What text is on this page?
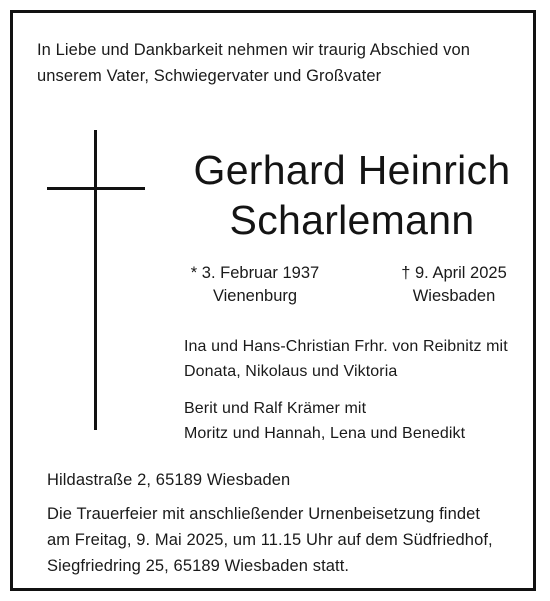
In Liebe und Dankbarkeit nehmen wir traurig Abschied von
unserem Vater, Schwiegervater und Großvater
Gerhard Heinrich
Scharlemann
* 3. Februar 1937
Vienenburg
† 9. April 2025
Wiesbaden
Ina und Hans-Christian Frhr. von Reibnitz mit
Donata, Nikolaus und Viktoria
Berit und Ralf Krämer mit
Moritz und Hannah, Lena und Benedikt
Hildastraße 2, 65189 Wiesbaden
Die Trauerfeier mit anschließender Urnenbeisetzung findet
am Freitag, 9. Mai 2025, um 11.15 Uhr auf dem Südfriedhof,
Siegfriedring 25, 65189 Wiesbaden statt.
